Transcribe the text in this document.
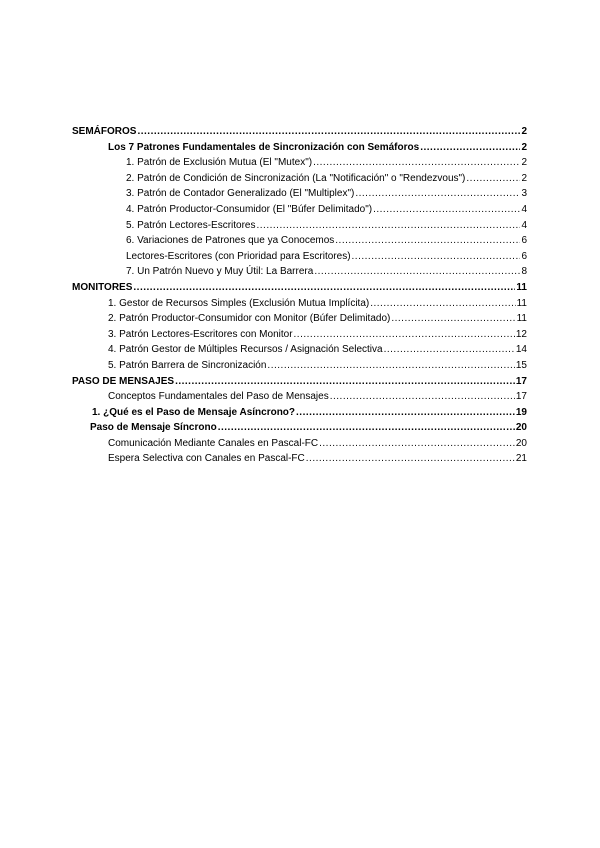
SEMÁFOROS .....	2
Los 7 Patrones Fundamentales de Sincronización con Semáforos .....	2
1. Patrón de Exclusión Mutua (El "Mutex") .....	2
2. Patrón de Condición de Sincronización (La "Notificación" o "Rendezvous") .....	2
3. Patrón de Contador Generalizado (El "Multiplex") .....	3
4. Patrón Productor-Consumidor (El "Búfer Delimitado") .....	4
5. Patrón Lectores-Escritores .....	4
6. Variaciones de Patrones que ya Conocemos .....	6
Lectores-Escritores (con Prioridad para Escritores) .....	6
7. Un Patrón Nuevo y Muy Útil: La Barrera .....	8
MONITORES .....	11
1. Gestor de Recursos Simples (Exclusión Mutua Implícita) .....	11
2. Patrón Productor-Consumidor con Monitor (Búfer Delimitado) .....	11
3. Patrón Lectores-Escritores con Monitor .....	12
4. Patrón Gestor de Múltiples Recursos / Asignación Selectiva .....	14
5. Patrón Barrera de Sincronización .....	15
PASO DE MENSAJES .....	17
Conceptos Fundamentales del Paso de Mensajes .....	17
1. ¿Qué es el Paso de Mensaje Asíncrono? .....	19
Paso de Mensaje Síncrono .....	20
Comunicación Mediante Canales en Pascal-FC .....	20
Espera Selectiva con Canales en Pascal-FC .....	21
